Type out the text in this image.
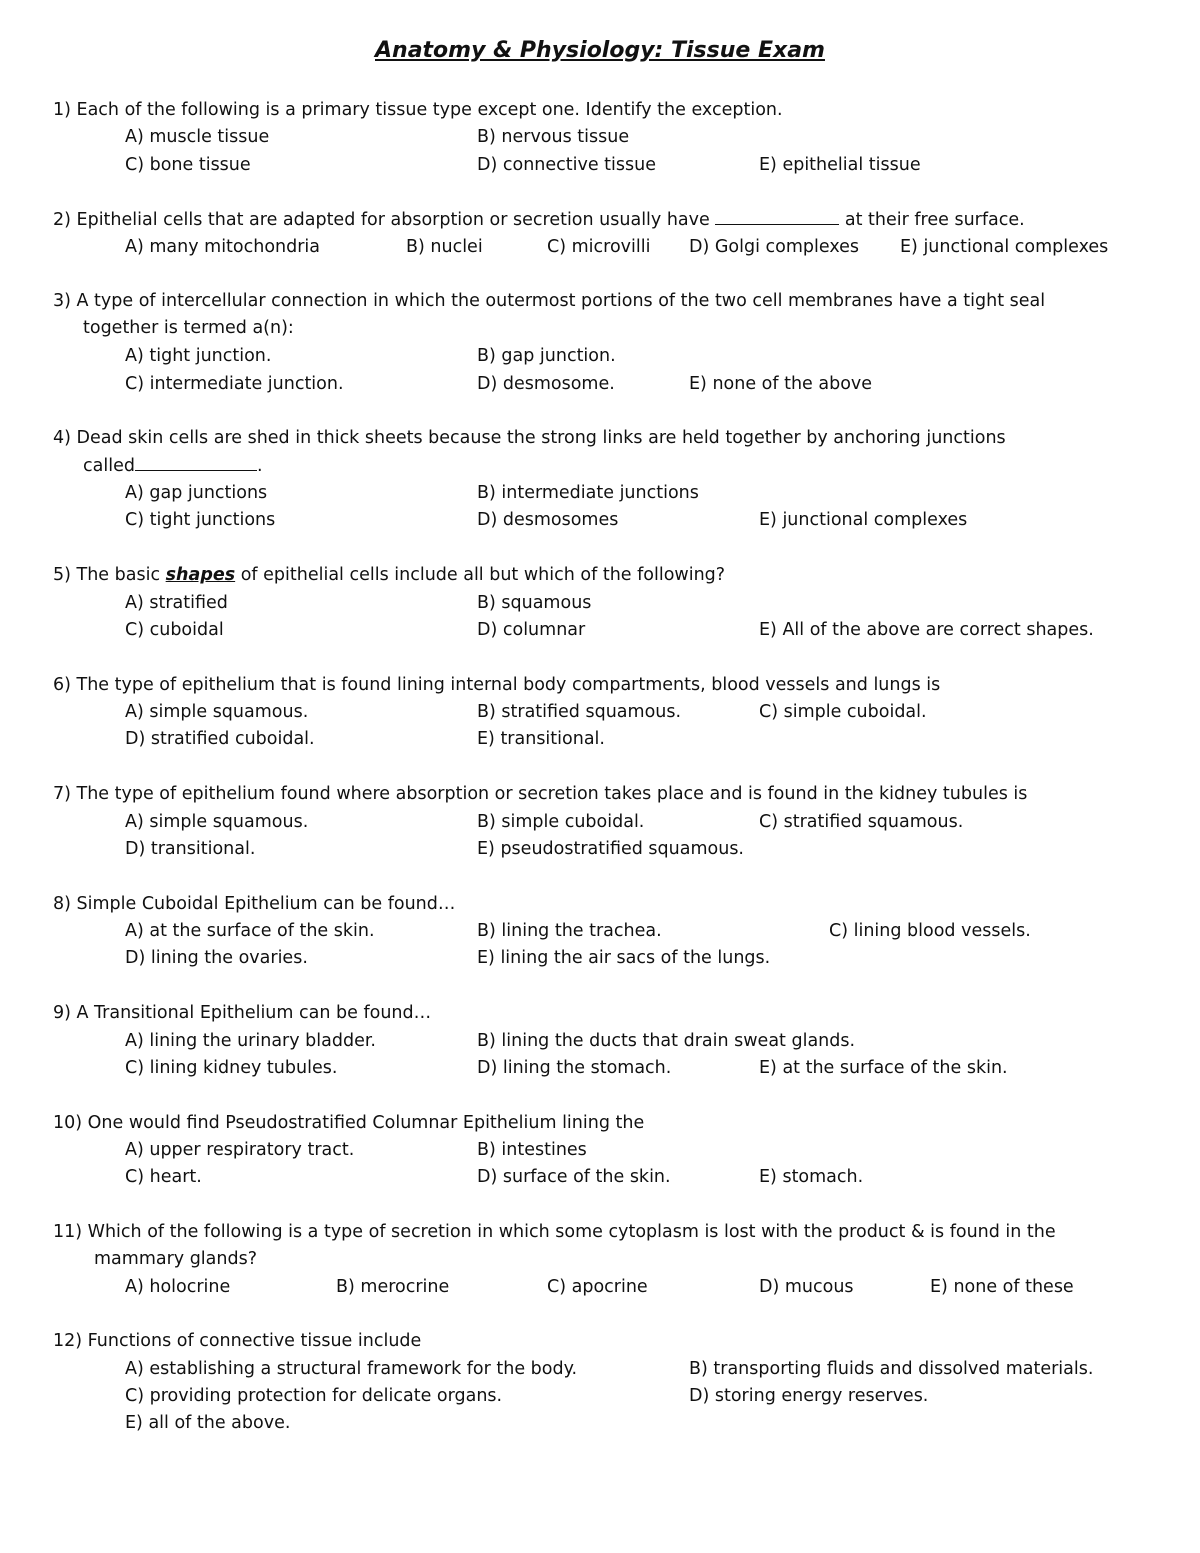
Anatomy & Physiology: Tissue Exam
1) Each of the following is a primary tissue type except one. Identify the exception.
A) muscle tissue	B) nervous tissue
C) bone tissue	D) connective tissue	E) epithelial tissue
2) Epithelial cells that are adapted for absorption or secretion usually have	at their free surface.
A) many mitochondria	B) nuclei	C) microvilli D) Golgi complexes E) junctional complexes
3) A type of intercellular connection in which the outermost portions of the two cell membranes have a tight seal
together is termed a(n):
A) tight junction.	B) gap junction.
C) intermediate junction.	D) desmosome.	E) none of the above
4) Dead skin cells are shed in thick sheets because the strong links are held together by anchoring junctions
called	.
A) gap junctions	B) intermediate junctions
C) tight junctions	D) desmosomes	E) junctional complexes
5) The basic shapes of epithelial cells include all but which of the following?
A) stratified	B) squamous
C) cuboidal	D) columnar	E) All of the above are correct shapes.
6) The type of epithelium that is found lining internal body compartments, blood vessels and lungs is
A) simple squamous.	B) stratified squamous.	C) simple cuboidal.
D) stratified cuboidal.	E) transitional.
7) The type of epithelium found where absorption or secretion takes place and is found in the kidney tubules is
A) simple squamous.	B) simple cuboidal.	C) stratified squamous.
D) transitional.	E) pseudostratified squamous.
8) Simple Cuboidal Epithelium can be found…
A) at the surface of the skin.	B) lining the trachea.	C) lining blood vessels.
D) lining the ovaries.	E) lining the air sacs of the lungs.
9) A Transitional Epithelium can be found…
A) lining the urinary bladder.	B) lining the ducts that drain sweat glands.
C) lining kidney tubules.	D) lining the stomach.	E) at the surface of the skin.
10) One would find Pseudostratified Columnar Epithelium lining the
A) upper respiratory tract.	B) intestines
C) heart.	D) surface of the skin.	E) stomach.
11) Which of the following is a type of secretion in which some cytoplasm is lost with the product & is found in the
mammary glands?
A) holocrine	B) merocrine	C) apocrine	D) mucous	E) none of these
12) Functions of connective tissue include
A) establishing a structural framework for the body.	B) transporting fluids and dissolved materials.
C) providing protection for delicate organs.	D) storing energy reserves.
E) all of the above.
